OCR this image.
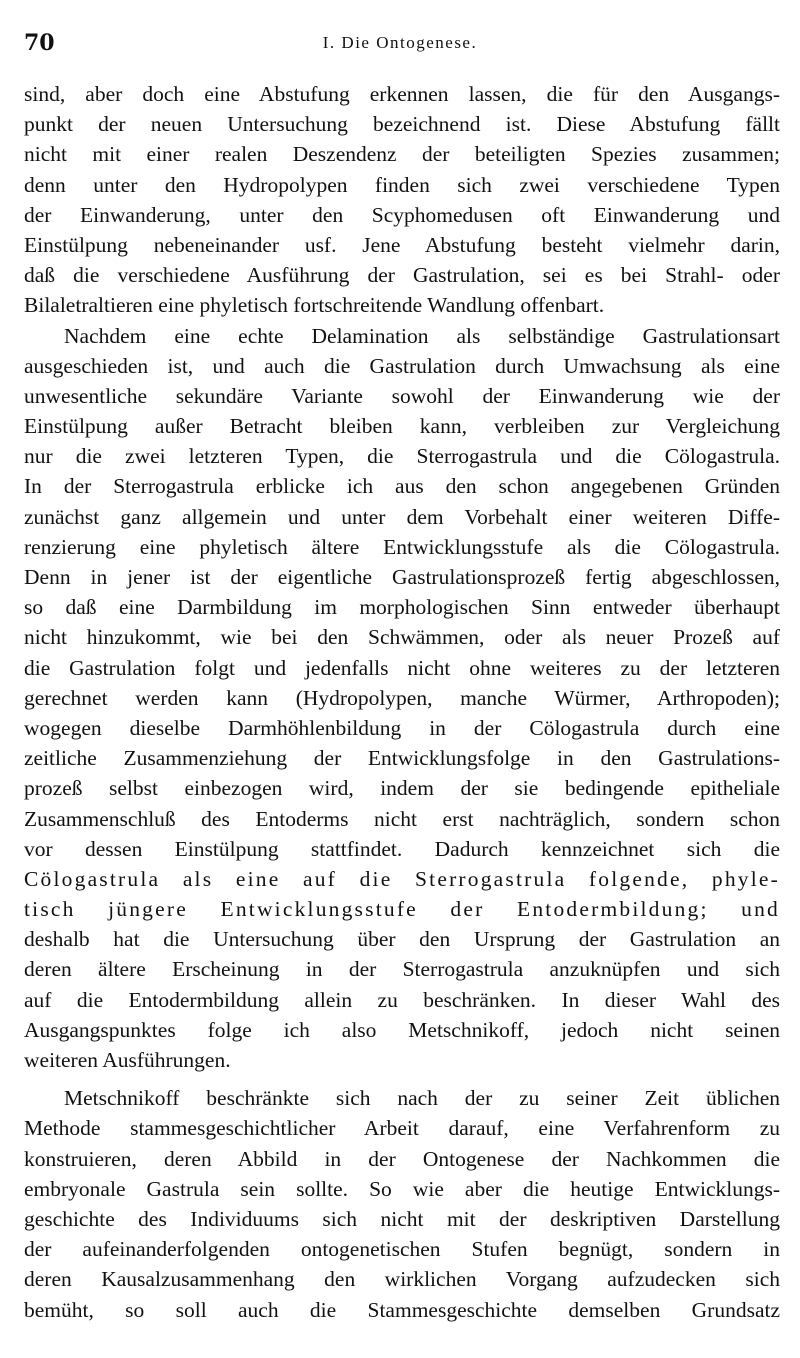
70	I. Die Ontogenese.
sind, aber doch eine Abstufung erkennen lassen, die für den Ausgangs-
punkt der neuen Untersuchung bezeichnend ist. Diese Abstufung fällt
nicht mit einer realen Deszendenz der beteiligten Spezies zusammen;
denn unter den Hydropolypen finden sich zwei verschiedene Typen
der Einwanderung, unter den Scyphomedusen oft Einwanderung und
Einstülpung nebeneinander usf. Jene Abstufung besteht vielmehr darin,
daß die verschiedene Ausführung der Gastrulation, sei es bei Strahl- oder
Bilaletraltieren eine phyletisch fortschreitende Wandlung offenbart.
Nachdem eine echte Delamination als selbständige Gastrulationsart
ausgeschieden ist, und auch die Gastrulation durch Umwachsung als eine
unwesentliche sekundäre Variante sowohl der Einwanderung wie der
Einstülpung außer Betracht bleiben kann, verbleiben zur Vergleichung
nur die zwei letzteren Typen, die Sterrogastrula und die Cölogastrula.
In der Sterrogastrula erblicke ich aus den schon angegebenen Gründen
zunächst ganz allgemein und unter dem Vorbehalt einer weiteren Diffe-
renzierung eine phyletisch ältere Entwicklungsstufe als die Cölogastrula.
Denn in jener ist der eigentliche Gastrulationsprozeß fertig abgeschlossen,
so daß eine Darmbildung im morphologischen Sinn entweder überhaupt
nicht hinzukommt, wie bei den Schwämmen, oder als neuer Prozeß auf
die Gastrulation folgt und jedenfalls nicht ohne weiteres zu der letzteren
gerechnet werden kann (Hydropolypen, manche Würmer, Arthropoden);
wogegen dieselbe Darmhöhlenbildung in der Cölogastrula durch eine
zeitliche Zusammenziehung der Entwicklungsfolge in den Gastrulations-
prozeß selbst einbezogen wird, indem der sie bedingende epitheliale
Zusammenschluß des Entoderms nicht erst nachträglich, sondern schon
vor dessen Einstülpung stattfindet. Dadurch kennzeichnet sich die
Cölogastrula als eine auf die Sterrogastrula folgende, phyle-
tisch jüngere Entwicklungsstufe der Entodermbildung; und
deshalb hat die Untersuchung über den Ursprung der Gastrulation an
deren ältere Erscheinung in der Sterrogastrula anzuknüpfen und sich
auf die Entodermbildung allein zu beschränken. In dieser Wahl des
Ausgangspunktes folge ich also Metschnikoff, jedoch nicht seinen
weiteren Ausführungen.
Metschnikoff beschränkte sich nach der zu seiner Zeit üblichen
Methode stammesgeschichtlicher Arbeit darauf, eine Verfahrenform zu
konstruieren, deren Abbild in der Ontogenese der Nachkommen die
embryonale Gastrula sein sollte. So wie aber die heutige Entwicklungs-
geschichte des Individuums sich nicht mit der deskriptiven Darstellung
der aufeinanderfolgenden ontogenetischen Stufen begnügt, sondern in
deren Kausalzusammenhang den wirklichen Vorgang aufzudecken sich
bemüht, so soll auch die Stammesgeschichte demselben Grundsatz
